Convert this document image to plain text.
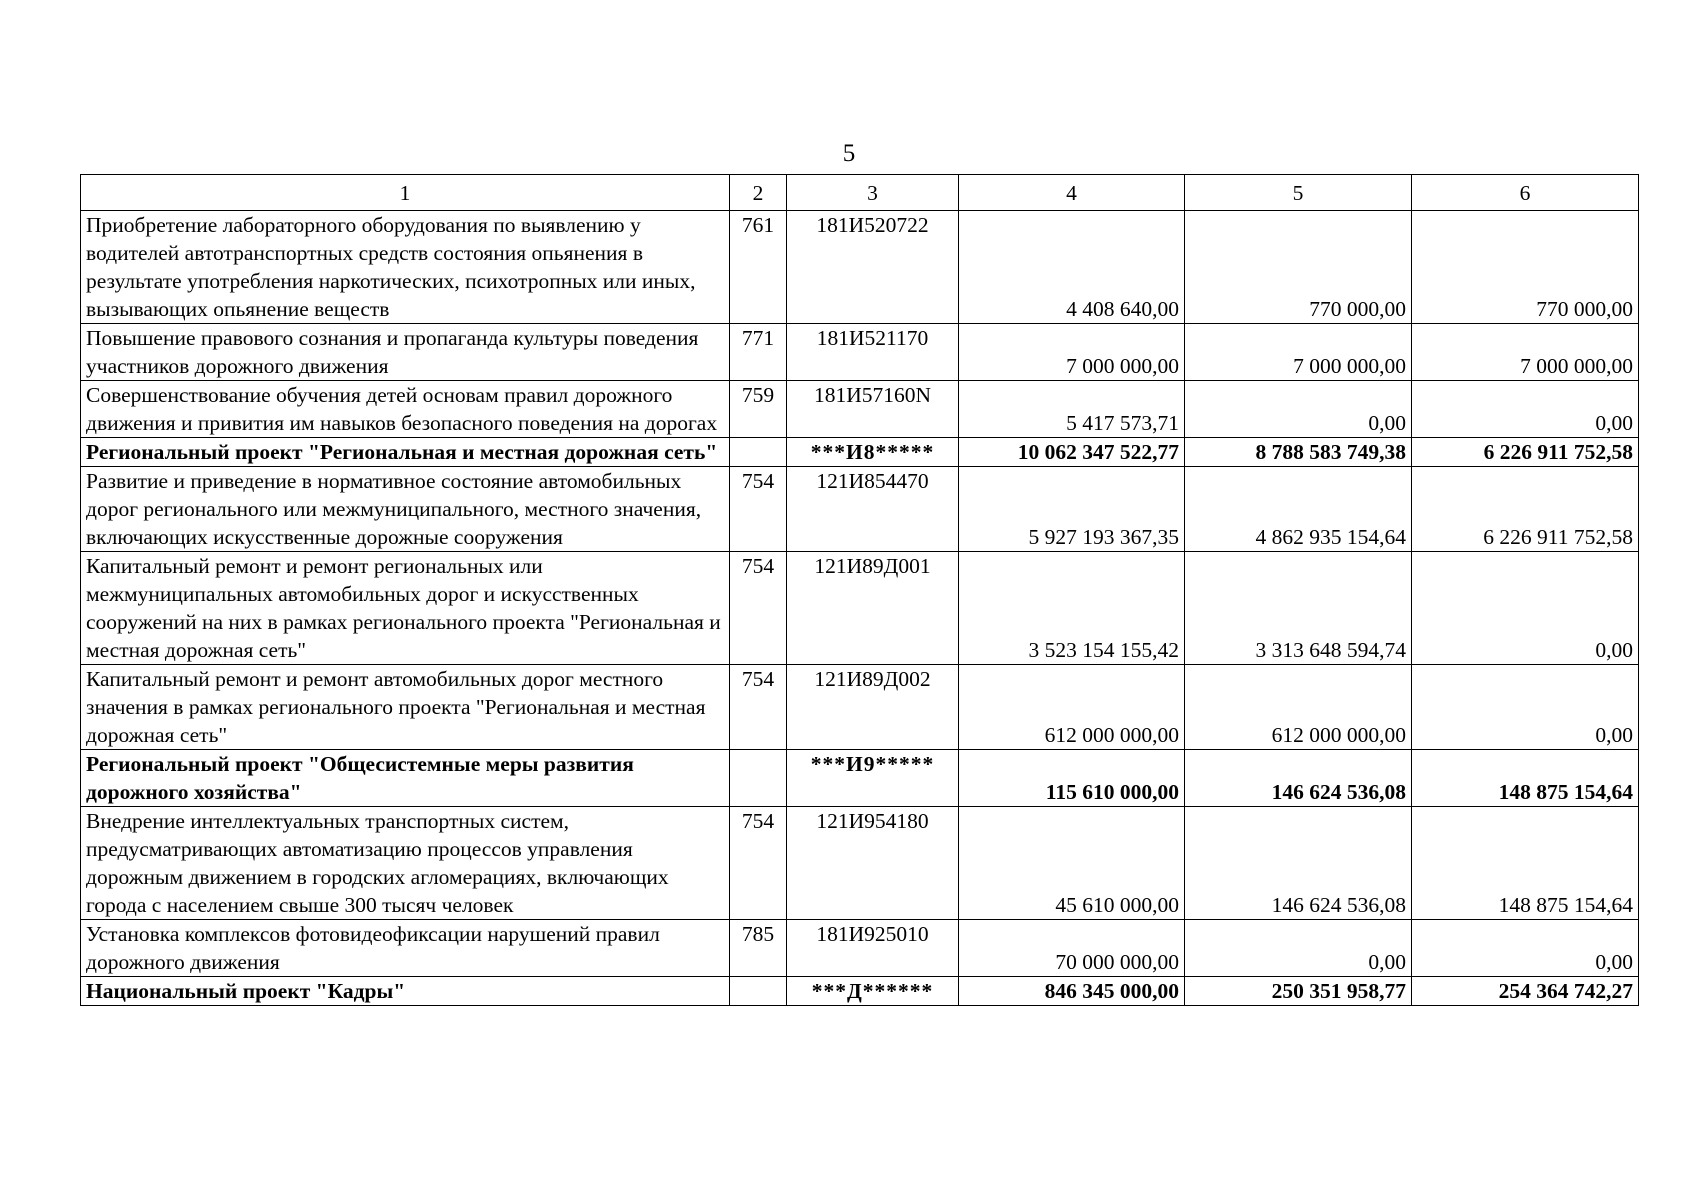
5
1	2	3	4	5	6
Приобретение лабораторного оборудования по выявлению у водителей автотранспортных средств состояния опьянения в результате употребления наркотических, психотропных или иных, вызывающих опьянение веществ	761	181И520722	4 408 640,00	770 000,00	770 000,00
Повышение правового сознания и пропаганда культуры поведения участников дорожного движения	771	181И521170	7 000 000,00	7 000 000,00	7 000 000,00
Совершенствование обучения детей основам правил дорожного движения и привития им навыков безопасного поведения на дорогах	759	181И57160N	5 417 573,71	0,00	0,00
Региональный проект "Региональная и местная дорожная сеть"		***И8*****	10 062 347 522,77	8 788 583 749,38	6 226 911 752,58
Развитие и приведение в нормативное состояние автомобильных дорог регионального или межмуниципального, местного значения, включающих искусственные дорожные сооружения	754	121И854470	5 927 193 367,35	4 862 935 154,64	6 226 911 752,58
Капитальный ремонт и ремонт региональных или межмуниципальных автомобильных дорог и искусственных сооружений на них в рамках регионального проекта "Региональная и местная дорожная сеть"	754	121И89Д001	3 523 154 155,42	3 313 648 594,74	0,00
Капитальный ремонт и ремонт автомобильных дорог местного значения в рамках регионального проекта "Региональная и местная дорожная сеть"	754	121И89Д002	612 000 000,00	612 000 000,00	0,00
Региональный проект "Общесистемные меры развития дорожного хозяйства"		***И9*****	115 610 000,00	146 624 536,08	148 875 154,64
Внедрение интеллектуальных транспортных систем, предусматривающих автоматизацию процессов управления дорожным движением в городских агломерациях, включающих города с населением свыше 300 тысяч человек	754	121И954180	45 610 000,00	146 624 536,08	148 875 154,64
Установка комплексов фотовидеофиксации нарушений правил дорожного движения	785	181И925010	70 000 000,00	0,00	0,00
Национальный проект "Кадры"		***Д******	846 345 000,00	250 351 958,77	254 364 742,27
